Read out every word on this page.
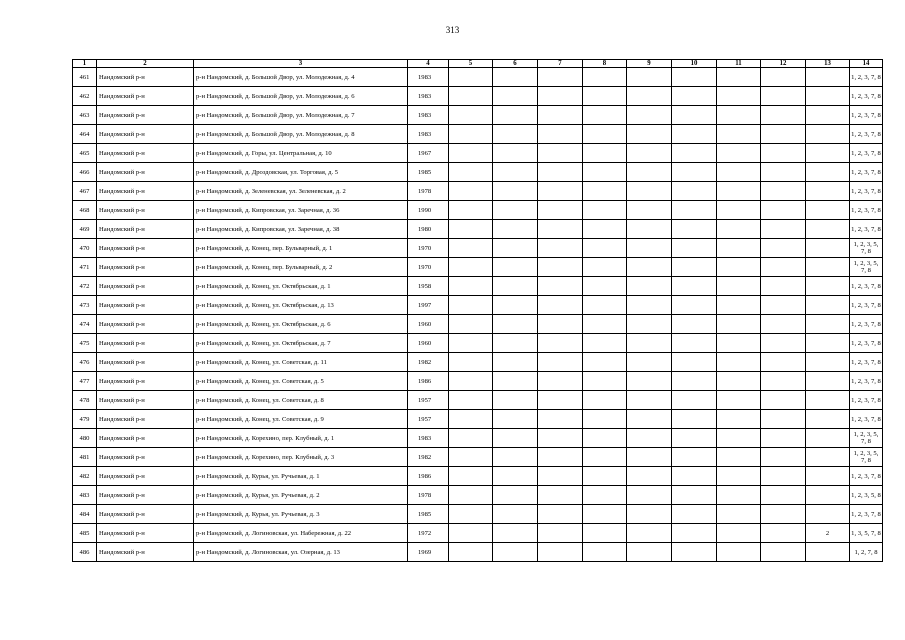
313
1	2	3	4	5	6	7	8	9	10	11	12	13	14
461	Нандомский р-н	р-н Нандомский, д. Большой Двор, ул. Молодежная, д. 4	1983										1, 2, 3, 7, 8
462	Нандомский р-н	р-н Нандомский, д. Большой Двор, ул. Молодежная, д. 6	1983										1, 2, 3, 7, 8
463	Нандомский р-н	р-н Нандомский, д. Большой Двор, ул. Молодежная, д. 7	1983										1, 2, 3, 7, 8
464	Нандомский р-н	р-н Нандомский, д. Большой Двор, ул. Молодежная, д. 8	1983										1, 2, 3, 7, 8
465	Нандомский р-н	р-н Нандомский, д. Горы, ул. Центральная, д. 10	1967										1, 2, 3, 7, 8
466	Нандомский р-н	р-н Нандомский, д. Дроздовская, ул. Торговая, д. 5	1985										1, 2, 3, 7, 8
467	Нандомский р-н	р-н Нандомский, д. Зеленевская, ул. Зеленевская, д. 2	1978										1, 2, 3, 7, 8
468	Нандомский р-н	р-н Нандомский, д. Кипровская, ул. Заречная, д. 36	1990										1, 2, 3, 7, 8
469	Нандомский р-н	р-н Нандомский, д. Кипровская, ул. Заречная, д. 38	1980										1, 2, 3, 7, 8
470	Нандомский р-н	р-н Нандомский, д. Конец, пер. Бульварный, д. 1	1970										1, 2, 3, 5, 7, 8
471	Нандомский р-н	р-н Нандомский, д. Конец, пер. Бульварный, д. 2	1970										1, 2, 3, 5, 7, 8
472	Нандомский р-н	р-н Нандомский, д. Конец, ул. Октябрьская, д. 1	1958										1, 2, 3, 7, 8
473	Нандомский р-н	р-н Нандомский, д. Конец, ул. Октябрьская, д. 13	1997										1, 2, 3, 7, 8
474	Нандомский р-н	р-н Нандомский, д. Конец, ул. Октябрьская, д. 6	1960										1, 2, 3, 7, 8
475	Нандомский р-н	р-н Нандомский, д. Конец, ул. Октябрьская, д. 7	1960										1, 2, 3, 7, 8
476	Нандомский р-н	р-н Нандомский, д. Конец, ул. Советская, д. 11	1982										1, 2, 3, 7, 8
477	Нандомский р-н	р-н Нандомский, д. Конец, ул. Советская, д. 5	1986										1, 2, 3, 7, 8
478	Нандомский р-н	р-н Нандомский, д. Конец, ул. Советская, д. 8	1957										1, 2, 3, 7, 8
479	Нандомский р-н	р-н Нандомский, д. Конец, ул. Советская, д. 9	1957										1, 2, 3, 7, 8
480	Нандомский р-н	р-н Нандомский, д. Корехино, пер. Клубный, д. 1	1983										1, 2, 3, 5, 7, 8
481	Нандомский р-н	р-н Нандомский, д. Корехино, пер. Клубный, д. 3	1982										1, 2, 3, 5, 7, 8
482	Нандомский р-н	р-н Нандомский, д. Курья, ул. Ручьевая, д. 1	1986										1, 2, 3, 7, 8
483	Нандомский р-н	р-н Нандомский, д. Курья, ул. Ручьевая, д. 2	1978										1, 2, 3, 5, 8
484	Нандомский р-н	р-н Нандомский, д. Курья, ул. Ручьевая, д. 3	1985										1, 2, 3, 7, 8
485	Нандомский р-н	р-н Нандомский, д. Логиновская, ул. Набережная, д. 22	1972									2	1, 3, 5, 7, 8
486	Нандомский р-н	р-н Нандомский, д. Логиновская, ул. Озерная, д. 13	1969										1, 2, 7, 8
